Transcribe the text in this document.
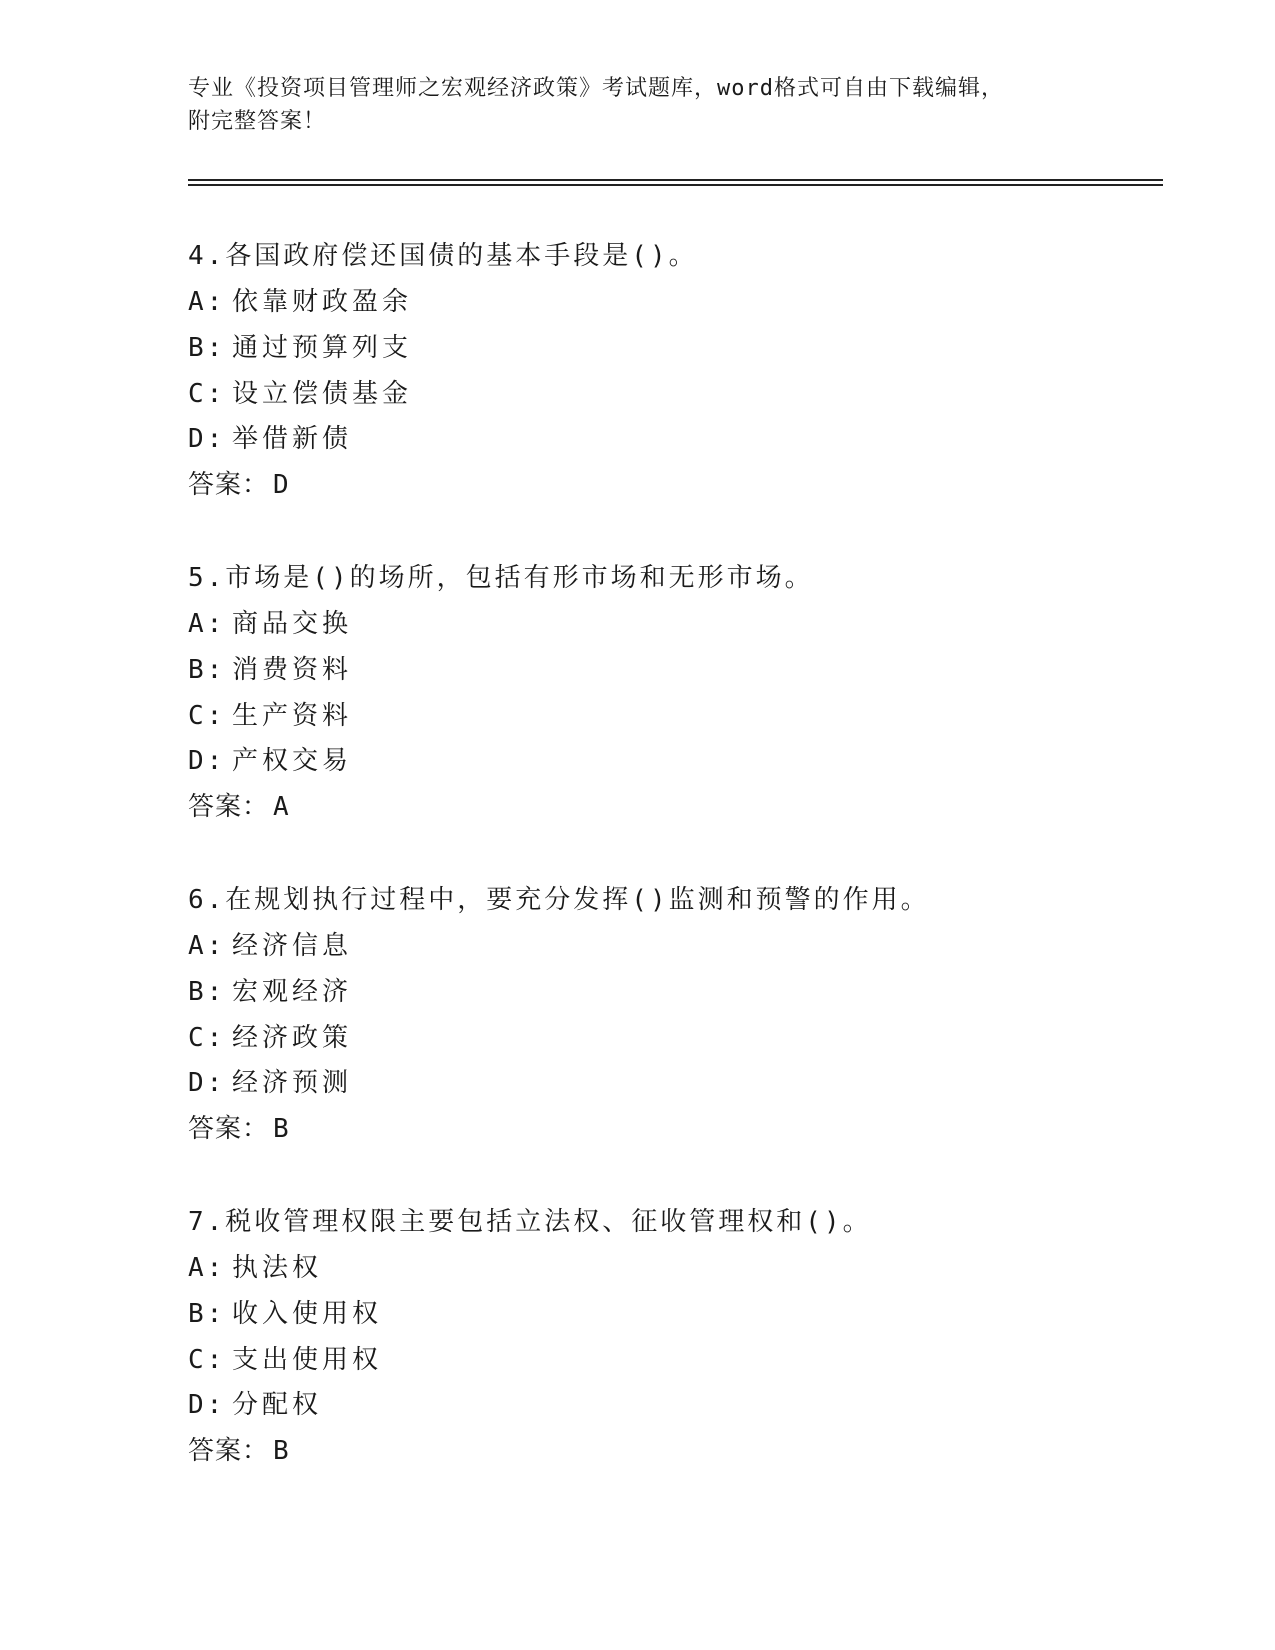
专业《投资项目管理师之宏观经济政策》考试题库，word格式可自由下载编辑，
附完整答案！
4.各国政府偿还国债的基本手段是()。
A: 依靠财政盈余
B: 通过预算列支
C: 设立偿债基金
D: 举借新债
答案： D
5.市场是()的场所，包括有形市场和无形市场。
A: 商品交换
B: 消费资料
C: 生产资料
D: 产权交易
答案： A
6.在规划执行过程中，要充分发挥()监测和预警的作用。
A: 经济信息
B: 宏观经济
C: 经济政策
D: 经济预测
答案： B
7.税收管理权限主要包括立法权、征收管理权和()。
A: 执法权
B: 收入使用权
C: 支出使用权
D: 分配权
答案： B
